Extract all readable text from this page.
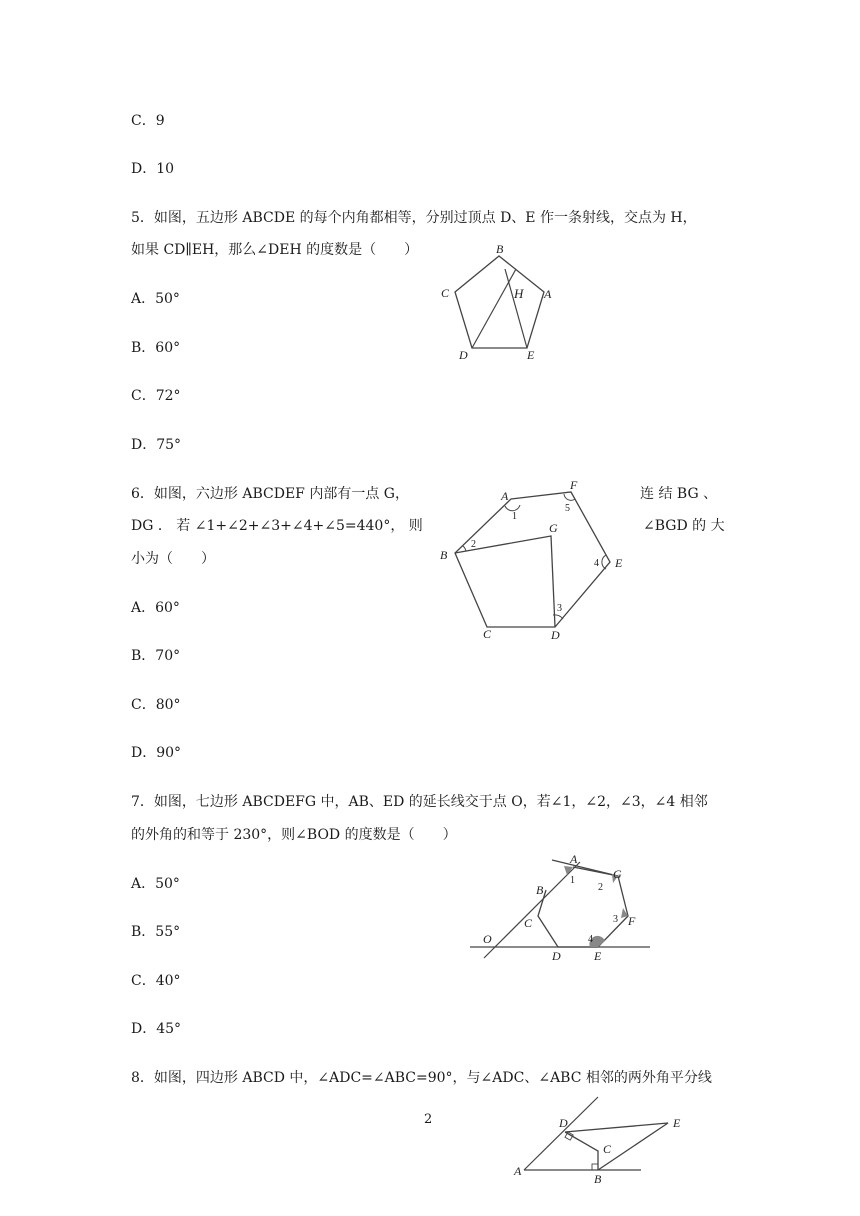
C．9
D．10
5．如图，五边形 ABCDE 的每个内角都相等，分别过顶点 D、E 作一条射线，交点为 H，
如果 CD∥EH，那么∠DEH 的度数是（　　）
A．50°
B．60°
C．72°
D．75°
B
C	H A
D	E
6．如图，六边形 ABCDEF 内部有一点 G，	连 结 BG 、
DG ． 若 ∠1+∠2+∠3+∠4+∠5=440°， 则	∠BGD 的 大
小为（　　）
A．60°
B．70°
C．80°
D．90°
A
F
G
B
E
C	D
1
2
3
4
5
7．如图，七边形 ABCDEFG 中，AB、ED 的延长线交于点 O，若∠1，∠2，∠3，∠4 相邻
的外角的和等于 230°，则∠BOD 的度数是（　　）
A．50°
B．55°
C．40°
D．45°
A
G
B
C	F
O
D	E
1
2
3
4
8．如图，四边形 ABCD 中，∠ADC=∠ABC=90°，与∠ADC、∠ABC 相邻的两外角平分线
2	D	E
C
A
B
